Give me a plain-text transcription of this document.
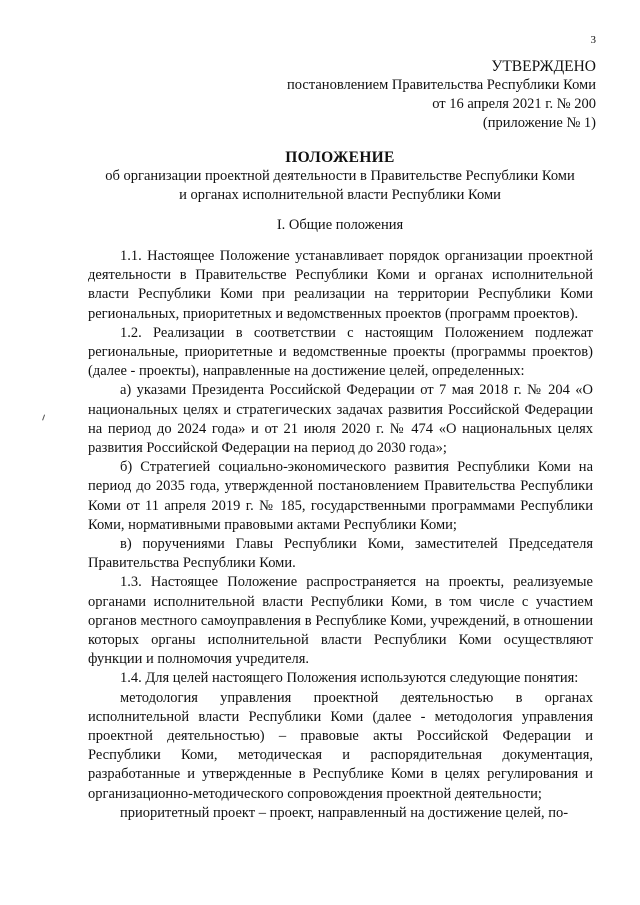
3
УТВЕРЖДЕНО
постановлением Правительства Республики Коми
от 16 апреля 2021 г. № 200
(приложение № 1)
ПОЛОЖЕНИЕ
об организации проектной деятельности в Правительстве Республики Коми
и органах исполнительной власти Республики Коми
I. Общие положения

1.1. Настоящее Положение устанавливает порядок организации проектной деятельности в Правительстве Республики Коми и органах исполнительной власти Республики Коми при реализации на территории Республики Коми региональных, приоритетных и ведомственных проектов (программ проектов).

1.2. Реализации в соответствии с настоящим Положением подлежат региональные, приоритетные и ведомственные проекты (программы проектов) (далее - проекты), направленные на достижение целей, определенных:

а) указами Президента Российской Федерации от 7 мая 2018 г. № 204 «О национальных целях и стратегических задачах развития Российской Федерации на период до 2024 года» и от 21 июля 2020 г. № 474 «О национальных целях развития Российской Федерации на период до 2030 года»;

б) Стратегией социально-экономического развития Республики Коми на период до 2035 года, утвержденной постановлением Правительства Республики Коми от 11 апреля 2019 г. № 185, государственными программами Республики Коми, нормативными правовыми актами Республики Коми;

в) поручениями Главы Республики Коми, заместителей Председателя Правительства Республики Коми.

1.3. Настоящее Положение распространяется на проекты, реализуемые органами исполнительной власти Республики Коми, в том числе с участием органов местного самоуправления в Республике Коми, учреждений, в отношении которых органы исполнительной власти Республики Коми осуществляют функции и полномочия учредителя.

1.4. Для целей настоящего Положения используются следующие понятия:

методология управления проектной деятельностью в органах исполнительной власти Республики Коми (далее - методология управления проектной деятельностью) – правовые акты Российской Федерации и Республики Коми, методическая и распорядительная документация, разработанные и утвержденные в Республике Коми в целях регулирования и организационно-методического сопровождения проектной деятельности;

приоритетный проект – проект, направленный на достижение целей, по-
